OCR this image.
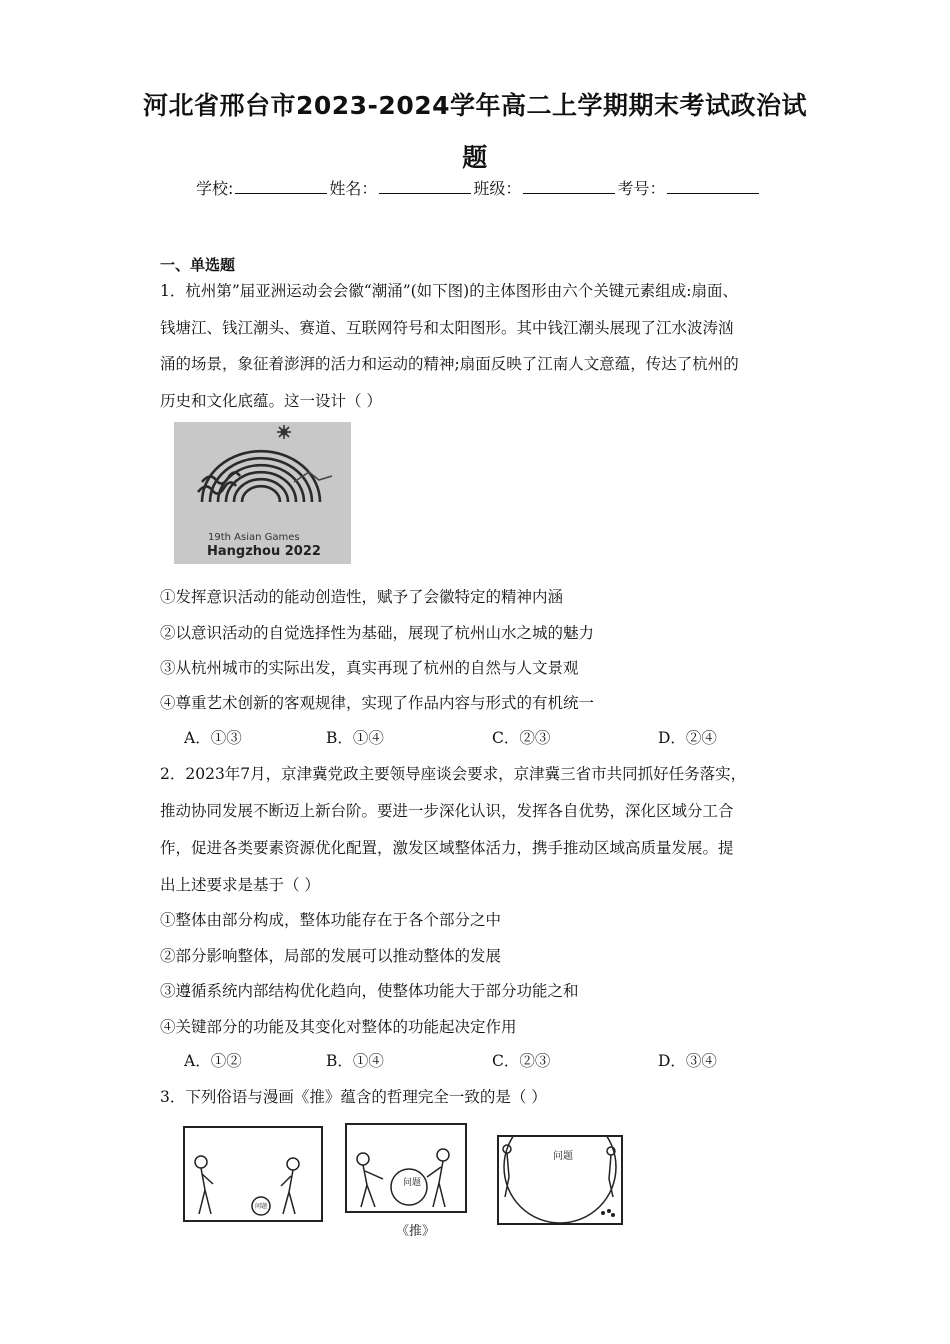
河北省邢台市2023-2024学年高二上学期期末考试政治试
题
学校:	姓名：	班级：	考号：
一、单选题
1．杭州第”届亚洲运动会会徽“潮涌”(如下图)的主体图形由六个关键元素组成:扇面、
钱塘江、钱江潮头、赛道、互联网符号和太阳图形。其中钱江潮头展现了江水波涛汹
涌的场景，象征着澎湃的活力和运动的精神;扇面反映了江南人文意蕴，传达了杭州的
历史和文化底蕴。这一设计（ ）
19th Asian Games
Hangzhou 2022
①发挥意识活动的能动创造性，赋予了会徽特定的精神内涵
②以意识活动的自觉选择性为基础，展现了杭州山水之城的魅力
③从杭州城市的实际出发，真实再现了杭州的自然与人文景观
④尊重艺术创新的客观规律，实现了作品内容与形式的有机统一
A．①③	B．①④	C．②③	D．②④
2．2023年7月，京津冀党政主要领导座谈会要求，京津冀三省市共同抓好任务落实，
推动协同发展不断迈上新台阶。要进一步深化认识，发挥各自优势，深化区域分工合
作，促进各类要素资源优化配置，激发区域整体活力，携手推动区域高质量发展。提
出上述要求是基于（ ）
①整体由部分构成，整体功能存在于各个部分之中
②部分影响整体，局部的发展可以推动整体的发展
③遵循系统内部结构优化趋向，使整体功能大于部分功能之和
④关键部分的功能及其变化对整体的功能起决定作用
A．①②	B．①④	C．②③	D．③④
3．下列俗语与漫画《推》蕴含的哲理完全一致的是（ ）
问题
问题
《推》
问题
